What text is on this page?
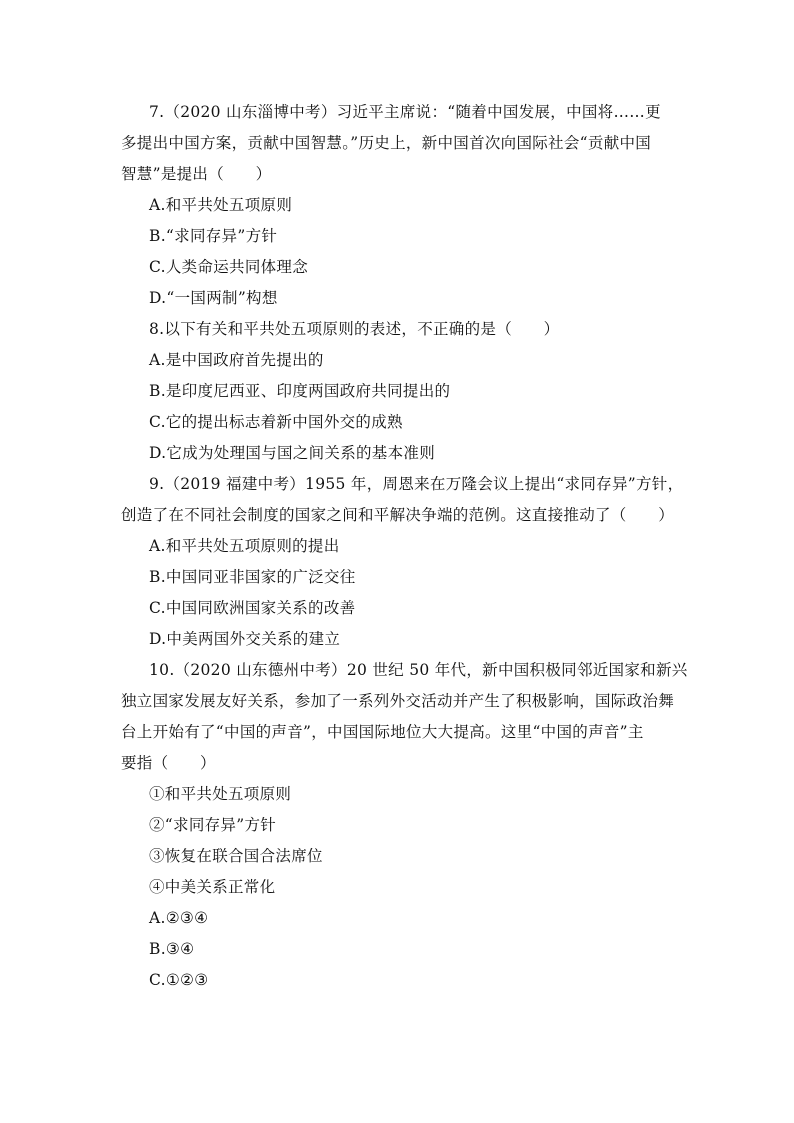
7.（2020 山东淄博中考）习近平主席说：“随着中国发展，中国将……更
多提出中国方案，贡献中国智慧。”历史上，新中国首次向国际社会“贡献中国
智慧”是提出（　　）
A.和平共处五项原则
B.“求同存异”方针
C.人类命运共同体理念
D.“一国两制”构想
8.以下有关和平共处五项原则的表述，不正确的是（　　）
A.是中国政府首先提出的
B.是印度尼西亚、印度两国政府共同提出的
C.它的提出标志着新中国外交的成熟
D.它成为处理国与国之间关系的基本准则
9.（2019 福建中考）1955 年，周恩来在万隆会议上提出“求同存异”方针，
创造了在不同社会制度的国家之间和平解决争端的范例。这直接推动了（　　）
A.和平共处五项原则的提出
B.中国同亚非国家的广泛交往
C.中国同欧洲国家关系的改善
D.中美两国外交关系的建立
10.（2020 山东德州中考）20 世纪 50 年代，新中国积极同邻近国家和新兴
独立国家发展友好关系，参加了一系列外交活动并产生了积极影响，国际政治舞
台上开始有了“中国的声音”，中国国际地位大大提高。这里“中国的声音”主
要指（　　）
①和平共处五项原则
②“求同存异”方针
③恢复在联合国合法席位
④中美关系正常化
A.②③④
B.③④
C.①②③
